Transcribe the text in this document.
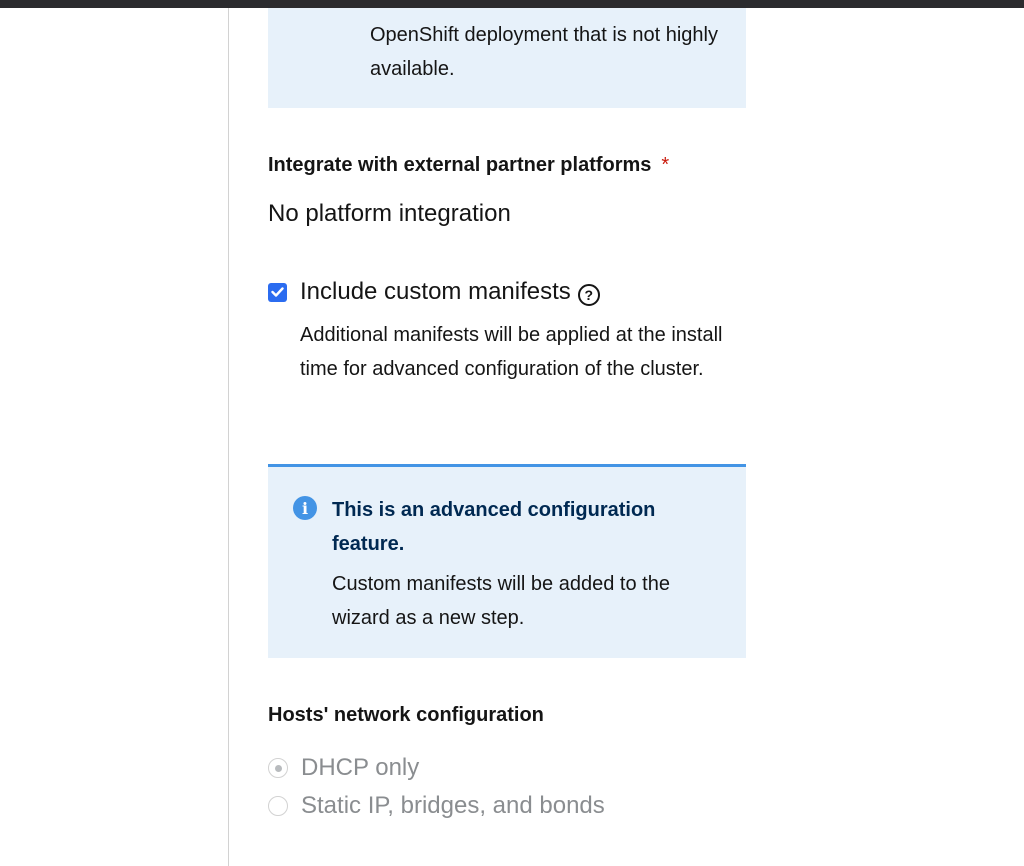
OpenShift deployment that is not highly available.
Integrate with external partner platforms *
No platform integration
Include custom manifests ?
Additional manifests will be applied at the install time for advanced configuration of the cluster.
i	This is an advanced configuration feature.
Custom manifests will be added to the wizard as a new step.
Hosts' network configuration
DHCP only
Static IP, bridges, and bonds
